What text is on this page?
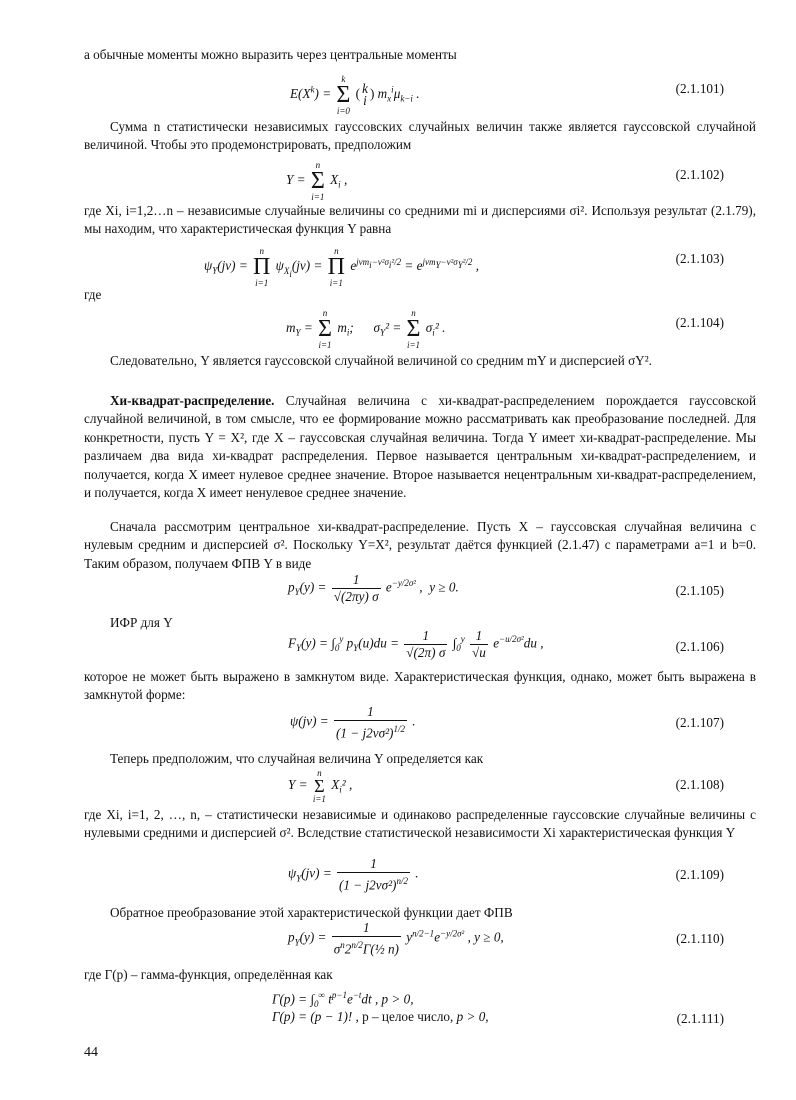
а обычные моменты можно выразить через центральные моменты
$E(X^k)$ =
k
Σ
i=0
( k
i ) $m_x^i\mu_{k-i}$ .	(2.1.101)
Сумма n статистически независимых гауссовских случайных величин также является гауссовской случайной величиной. Чтобы это продемонстрировать, предположим
Y =
n
Σ
i=1
$X_i$ ,	(2.1.102)
где Xi, i=1,2…n – независимые случайные величины со средними mi и дисперсиями σi². Используя результат (2.1.79), мы находим, что характеристическая функция Y равна
$\psi_Y(jv)$ =
n
Π
i=1
$\psi_{X_i}(jv)$ =
n
Π
i=1
$e^{jvm_i-v^2\sigma_i^2/2} = e^{jvm_Y-v^2\sigma_Y^2/2}$ ,	(2.1.103)
где
$m_Y$ =
n
Σ
i=1
$m_i$;      $\sigma_Y^2$ =
n
Σ
i=1
$\sigma_i^2$ .	(2.1.104)
Следовательно, Y является гауссовской случайной величиной со средним mY и дисперсией σY².
Хи-квадрат-распределение. Случайная величина с хи-квадрат-распределением порождается гауссовской случайной величиной, в том смысле, что ее формирование можно рассматривать как преобразование последней. Для конкретности, пусть Y = X², где X – гауссовская случайная величина. Тогда Y имеет хи-квадрат-распределение. Мы различаем два вида хи-квадрат распределения. Первое называется центральным хи-квадрат-распределением, и получается, когда X имеет нулевое среднее значение. Второе называется нецентральным хи-квадрат-распределением, и получается, когда X имеет ненулевое среднее значение.
Сначала рассмотрим центральное хи-квадрат-распределение. Пусть X – гауссовская случайная величина с нулевым средним и дисперсией σ². Поскольку Y=X², результат даётся функцией (2.1.47) с параметрами a=1 и b=0. Таким образом, получаем ФПВ Y в виде
$p_Y(y) = \frac{1}{√(2\pi y) \sigma} e^{-y/2\sigma^2}$ ,  y ≥ 0.	(2.1.105)
ИФР для Y
$F_Y(y) = \int_0^y$ $p_Y(u)du = \frac{1}{√(2\pi) \sigma} \int_0^y \frac{1}{√u} e^{-u/2\sigma^2}du$ ,	(2.1.106)
которое не может быть выражено в замкнутом виде. Характеристическая функция, однако, может быть выражена в замкнутой форме:
$\psi(jv) = \frac{1}{(1 - j2v\sigma^2)^{1/2}}$ .	(2.1.107)
Теперь предположим, что случайная величина Y определяется как
Y =
n
Σ
i=1
$X_i^2$ ,	(2.1.108)
где Xi, i=1, 2, …, n, – статистически независимые и одинаково распределенные гауссовские случайные величины с нулевыми средними и дисперсией σ². Вследствие статистической независимости Xi характеристическая функция Y
$\psi_Y(jv) = \frac{1}{(1 - j2v\sigma^2)^{n/2}}$ .	(2.1.109)
Обратное преобразование этой характеристической функции дает ФПВ
$p_Y(y) = \frac{1}{\sigma^n2^{n/2}\Gamma(\frac{1}{2} n)} y^{n/2-1}e^{-y/2\sigma^2}$ , y ≥ 0,	(2.1.110)
где Γ(p) – гамма-функция, определённая как
$\Gamma(p) = \int_0^\infty$ $t^{p-1}e^{-t}dt$ , p > 0,
Γ(p) = (p − 1)! , p – целое число, p > 0,	(2.1.111)
44
